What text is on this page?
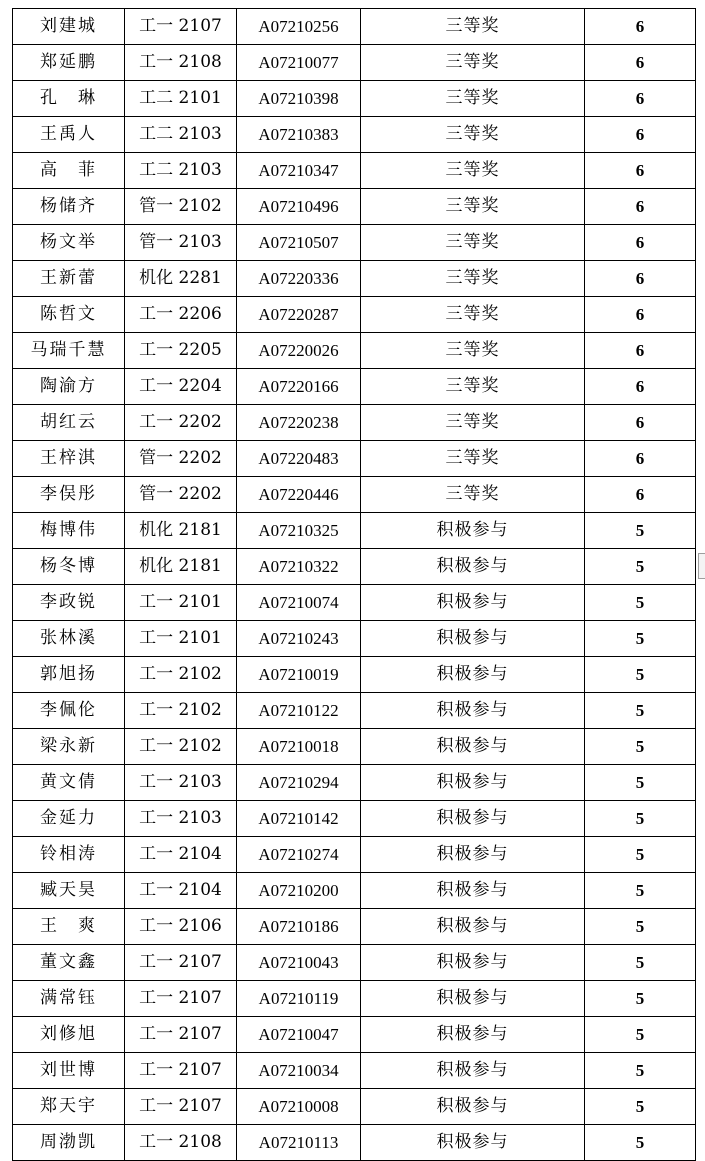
刘建城	工一 2107	A07210256	三等奖	6
郑延鹏	工一 2108	A07210077	三等奖	6
孔　琳	工二 2101	A07210398	三等奖	6
王禹人	工二 2103	A07210383	三等奖	6
高　菲	工二 2103	A07210347	三等奖	6
杨储齐	管一 2102	A07210496	三等奖	6
杨文举	管一 2103	A07210507	三等奖	6
王新蕾	机化 2281	A07220336	三等奖	6
陈哲文	工一 2206	A07220287	三等奖	6
马瑞千慧	工一 2205	A07220026	三等奖	6
陶渝方	工一 2204	A07220166	三等奖	6
胡红云	工一 2202	A07220238	三等奖	6
王梓淇	管一 2202	A07220483	三等奖	6
李俣彤	管一 2202	A07220446	三等奖	6
梅博伟	机化 2181	A07210325	积极参与	5
杨冬博	机化 2181	A07210322	积极参与	5
李政锐	工一 2101	A07210074	积极参与	5
张林溪	工一 2101	A07210243	积极参与	5
郭旭扬	工一 2102	A07210019	积极参与	5
李佩伦	工一 2102	A07210122	积极参与	5
梁永新	工一 2102	A07210018	积极参与	5
黄文倩	工一 2103	A07210294	积极参与	5
金延力	工一 2103	A07210142	积极参与	5
铃相涛	工一 2104	A07210274	积极参与	5
臧天昊	工一 2104	A07210200	积极参与	5
王　爽	工一 2106	A07210186	积极参与	5
董文鑫	工一 2107	A07210043	积极参与	5
满常钰	工一 2107	A07210119	积极参与	5
刘修旭	工一 2107	A07210047	积极参与	5
刘世博	工一 2107	A07210034	积极参与	5
郑天宇	工一 2107	A07210008	积极参与	5
周渤凯	工一 2108	A07210113	积极参与	5
